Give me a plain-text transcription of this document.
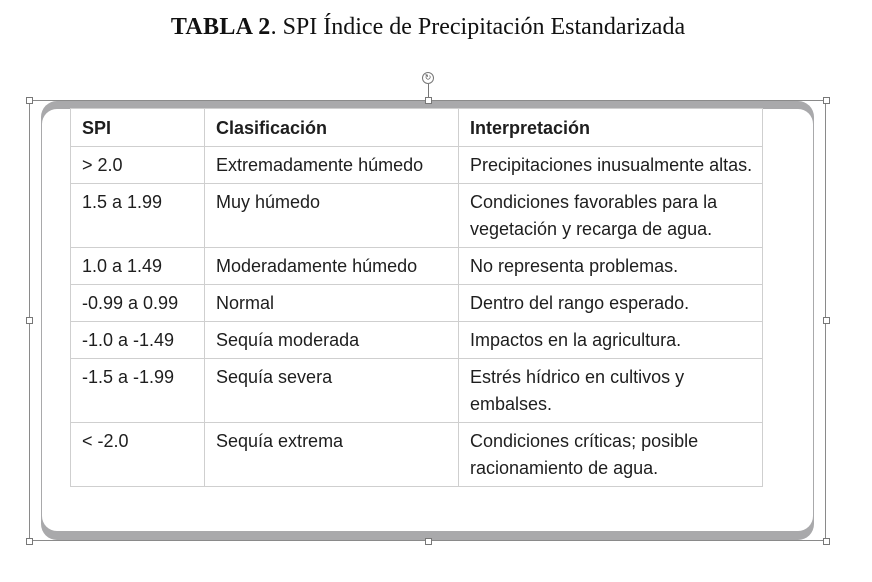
TABLA 2. SPI Índice de Precipitación Estandarizada
↻
SPI	Clasificación	Interpretación
> 2.0	Extremadamente húmedo	Precipitaciones inusualmente altas.
1.5 a 1.99	Muy húmedo	Condiciones favorables para la vegetación y recarga de agua.
1.0 a 1.49	Moderadamente húmedo	No representa problemas.
-0.99 a 0.99	Normal	Dentro del rango esperado.
-1.0 a -1.49	Sequía moderada	Impactos en la agricultura.
-1.5 a -1.99	Sequía severa	Estrés hídrico en cultivos y embalses.
< -2.0	Sequía extrema	Condiciones críticas; posible racionamiento de agua.
